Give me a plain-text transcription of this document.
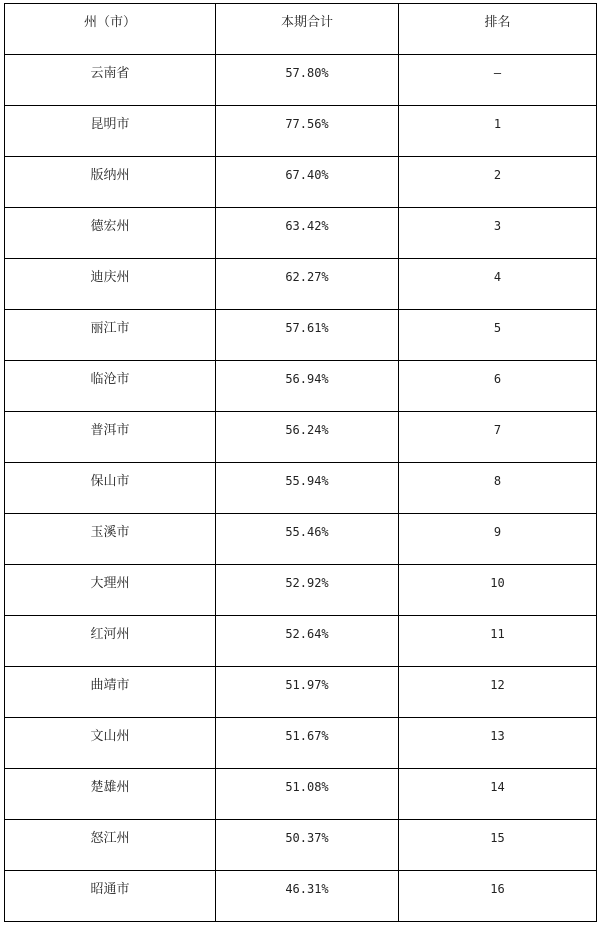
州（市）	本期合计	排名

云南省	57.80%	—

昆明市	77.56%	1

版纳州	67.40%	2

德宏州	63.42%	3

迪庆州	62.27%	4

丽江市	57.61%	5

临沧市	56.94%	6

普洱市	56.24%	7

保山市	55.94%	8

玉溪市	55.46%	9

大理州	52.92%	10

红河州	52.64%	11

曲靖市	51.97%	12

文山州	51.67%	13

楚雄州	51.08%	14

怒江州	50.37%	15

昭通市	46.31%	16
